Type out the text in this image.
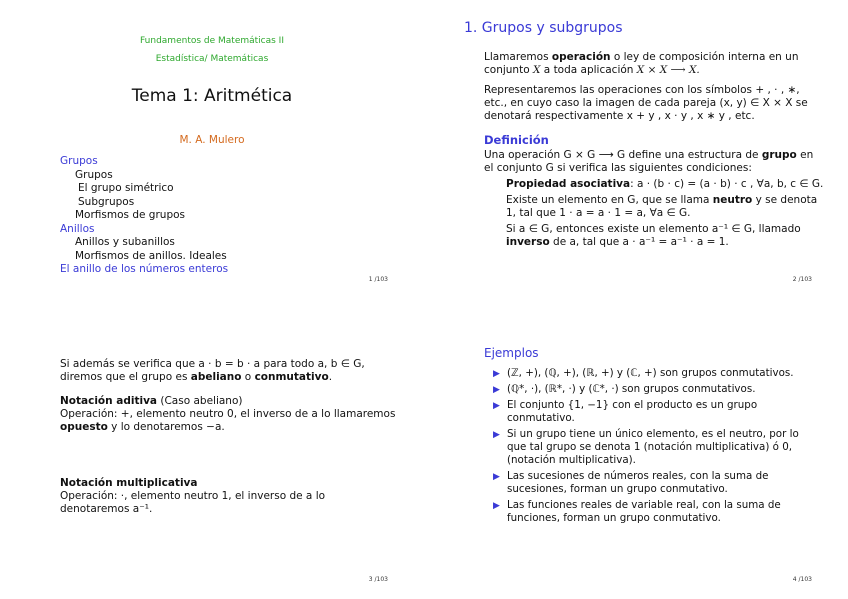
Fundamentos de Matemáticas II
Estadística/ Matemáticas
Tema 1: Aritmética
M. A. Mulero
Grupos
Grupos
El grupo simétrico
Subgrupos
Morfismos de grupos
Anillos
Anillos y subanillos
Morfismos de anillos. Ideales
El anillo de los números enteros
1 /103
1. Grupos y subgrupos
Llamaremos operación o ley de composición interna en un
conjunto X a toda aplicación X × X ⟶ X.
Representaremos las operaciones con los símbolos + , · , ∗,
etc., en cuyo caso la imagen de cada pareja (x, y) ∈ X × X se
denotará respectivamente x + y , x · y , x ∗ y , etc.
Definición
Una operación G × G ⟶ G define una estructura de grupo en
el conjunto G si verifica las siguientes condiciones:
Propiedad asociativa: a · (b · c) = (a · b) · c , ∀a, b, c ∈ G.
Existe un elemento en G, que se llama neutro y se denota
1, tal que 1 · a = a · 1 = a, ∀a ∈ G.
Si a ∈ G, entonces existe un elemento a⁻¹ ∈ G, llamado
inverso de a, tal que a · a⁻¹ = a⁻¹ · a = 1.
2 /103
Si además se verifica que a · b = b · a para todo a, b ∈ G,
diremos que el grupo es abeliano o conmutativo.
Notación aditiva (Caso abeliano)
Operación: +, elemento neutro 0, el inverso de a lo llamaremos
opuesto y lo denotaremos −a.
Notación multiplicativa
Operación: ·, elemento neutro 1, el inverso de a lo
denotaremos a⁻¹.
3 /103
Ejemplos
▶ (ℤ, +), (ℚ, +), (ℝ, +) y (ℂ, +) son grupos conmutativos.
▶ (ℚ*, ·), (ℝ*, ·) y (ℂ*, ·) son grupos conmutativos.
▶ El conjunto {1, −1} con el producto es un grupo conmutativo.
▶ Si un grupo tiene un único elemento, es el neutro, por lo que tal grupo se denota 1 (notación multiplicativa) ó 0, (notación multiplicativa).
▶ Las sucesiones de números reales, con la suma de sucesiones, forman un grupo conmutativo.
▶ Las funciones reales de variable real, con la suma de funciones, forman un grupo conmutativo.
4 /103
